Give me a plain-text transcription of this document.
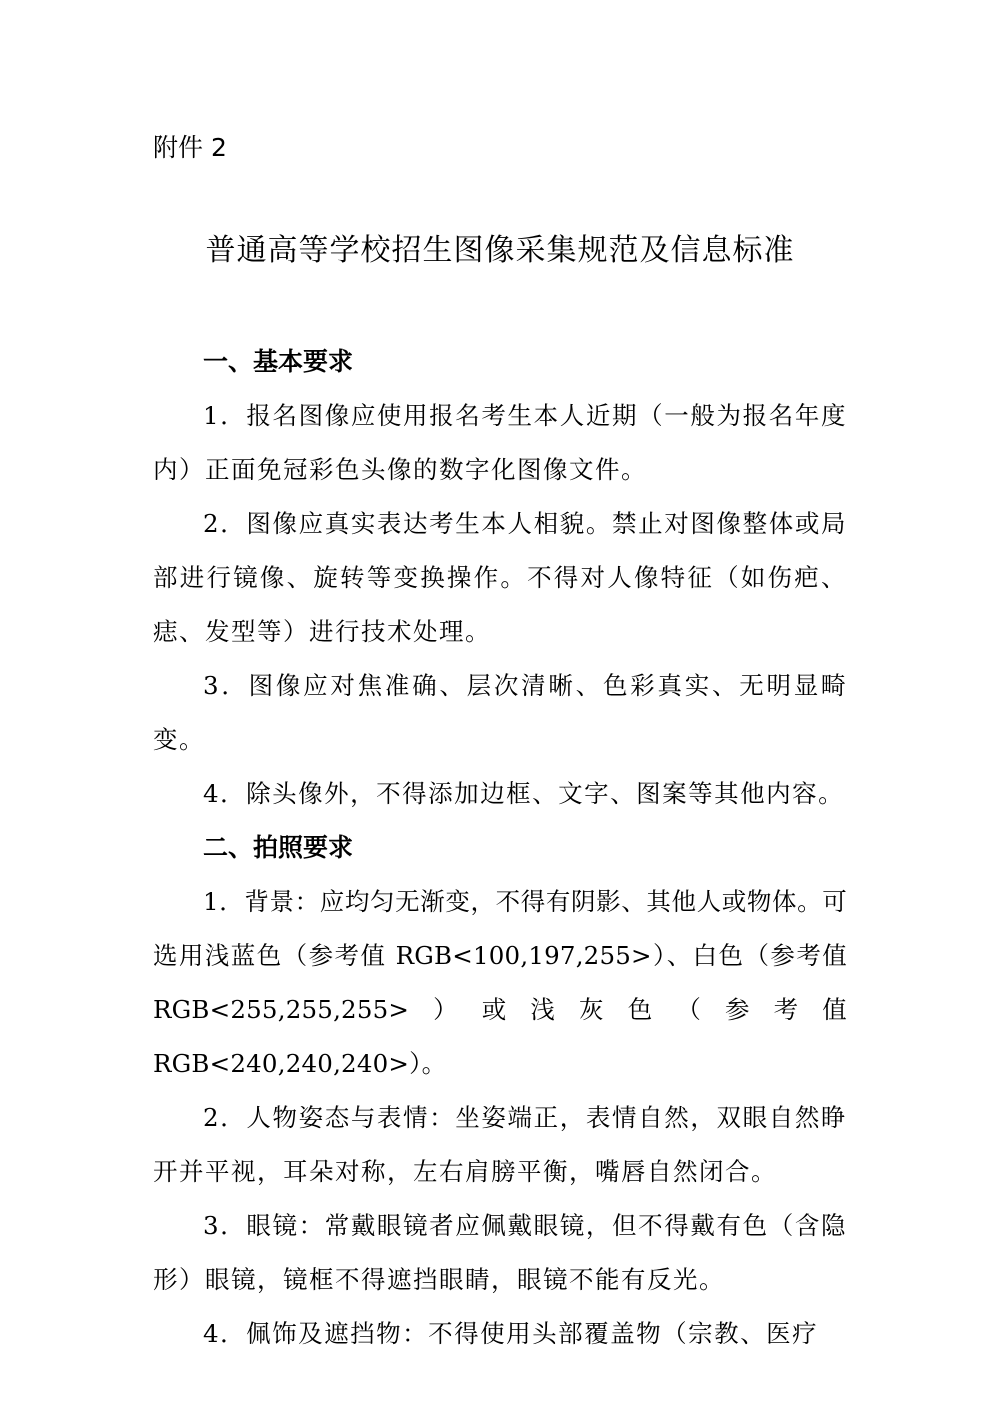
附件 2
普通高等学校招生图像采集规范及信息标准
一、基本要求

1．报名图像应使用报名考生本人近期（一般为报名年度内）正面免冠彩色头像的数字化图像文件。

2．图像应真实表达考生本人相貌。禁止对图像整体或局部进行镜像、旋转等变换操作。不得对人像特征（如伤疤、痣、发型等）进行技术处理。

3．图像应对焦准确、层次清晰、色彩真实、无明显畸变。

4．除头像外，不得添加边框、文字、图案等其他内容。

二、拍照要求

1．背景：应均匀无渐变，不得有阴影、其他人或物体。可选用浅蓝色（参考值 RGB<100,197,255>）、白色（参考值 RGB<255,255,255>）或浅灰色（参考值 RGB<240,240,240>）。

2．人物姿态与表情：坐姿端正，表情自然，双眼自然睁开并平视，耳朵对称，左右肩膀平衡，嘴唇自然闭合。

3．眼镜：常戴眼镜者应佩戴眼镜，但不得戴有色（含隐形）眼镜，镜框不得遮挡眼睛，眼镜不能有反光。

4．佩饰及遮挡物：不得使用头部覆盖物（宗教、医疗
